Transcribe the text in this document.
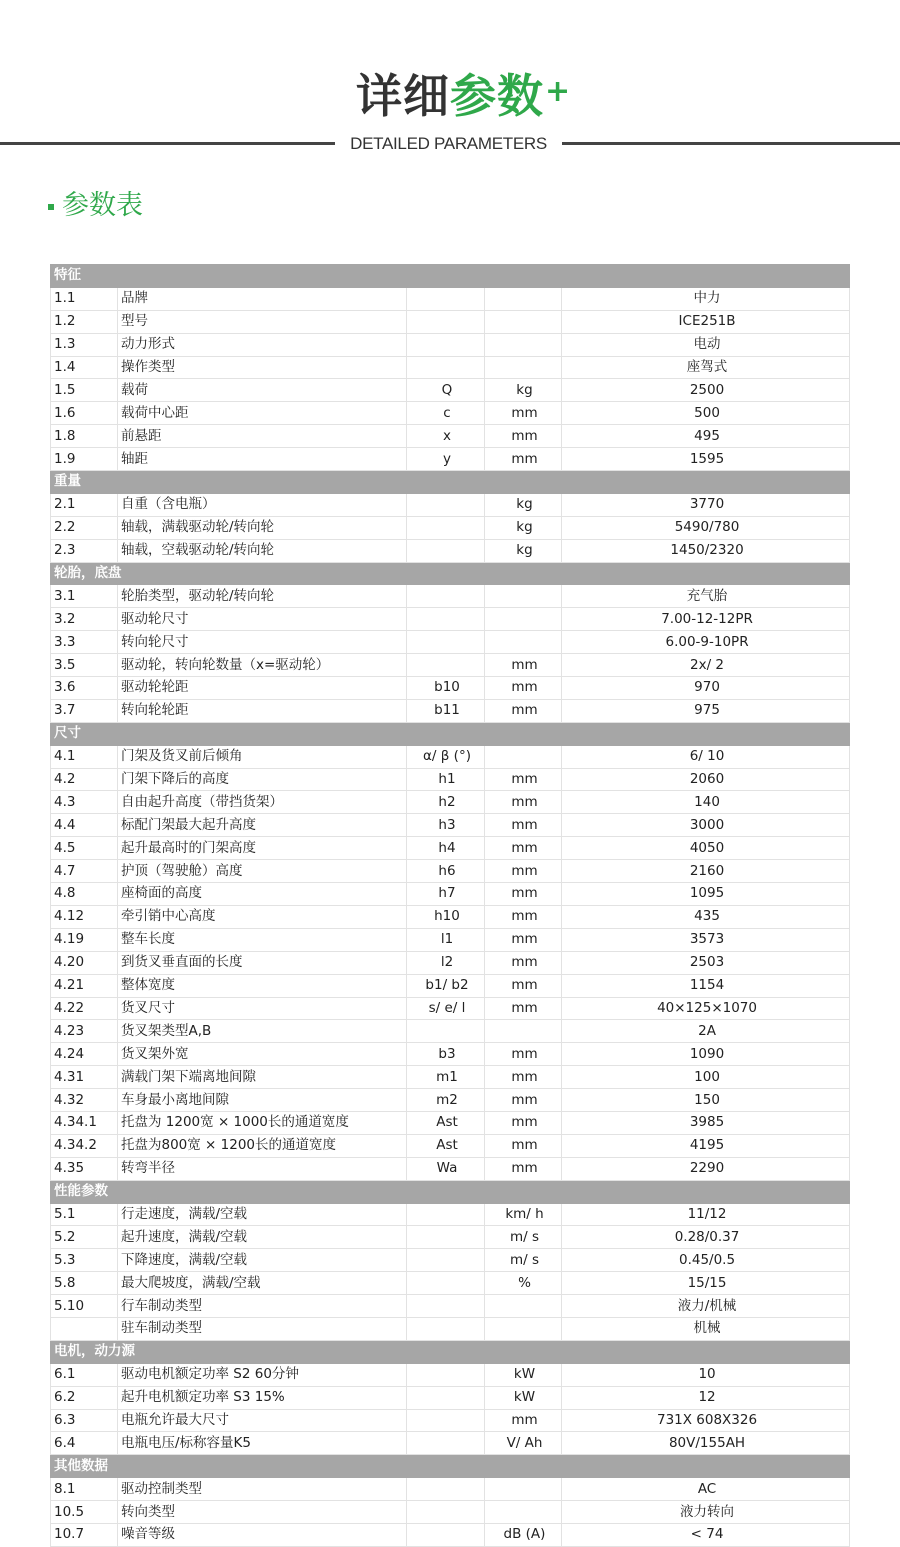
详细参数 +
DETAILED PARAMETERS
参数表
特征				
1.1	品牌			中力
1.2	型号			ICE251B
1.3	动力形式			电动
1.4	操作类型			座驾式
1.5	载荷	Q	kg	2500
1.6	载荷中心距	c	mm	500
1.8	前悬距	x	mm	495
1.9	轴距	y	mm	1595
重量				
2.1	自重（含电瓶）		kg	3770
2.2	轴载，满载驱动轮/转向轮		kg	5490/780
2.3	轴载，空载驱动轮/转向轮		kg	1450/2320
轮胎，底盘				
3.1	轮胎类型，驱动轮/转向轮			充气胎
3.2	驱动轮尺寸			7.00-12-12PR
3.3	转向轮尺寸			6.00-9-10PR
3.5	驱动轮，转向轮数量（x=驱动轮）		mm	2x/ 2
3.6	驱动轮轮距	b10	mm	970
3.7	转向轮轮距	b11	mm	975
尺寸				
4.1	门架及货叉前后倾角	α/ β (°)		6/ 10
4.2	门架下降后的高度	h1	mm	2060
4.3	自由起升高度（带挡货架）	h2	mm	140
4.4	标配门架最大起升高度	h3	mm	3000
4.5	起升最高时的门架高度	h4	mm	4050
4.7	护顶（驾驶舱）高度	h6	mm	2160
4.8	座椅面的高度	h7	mm	1095
4.12	牵引销中心高度	h10	mm	435
4.19	整车长度	l1	mm	3573
4.20	到货叉垂直面的长度	l2	mm	2503
4.21	整体宽度	b1/ b2	mm	1154
4.22	货叉尺寸	s/ e/ l	mm	40×125×1070
4.23	货叉架类型A,B			2A
4.24	货叉架外宽	b3	mm	1090
4.31	满载门架下端离地间隙	m1	mm	100
4.32	车身最小离地间隙	m2	mm	150
4.34.1	托盘为 1200宽 × 1000长的通道宽度	Ast	mm	3985
4.34.2	托盘为800宽 × 1200长的通道宽度	Ast	mm	4195
4.35	转弯半径	Wa	mm	2290
性能参数				
5.1	行走速度，满载/空载		km/ h	11/12
5.2	起升速度，满载/空载		m/ s	0.28/0.37
5.3	下降速度，满载/空载		m/ s	0.45/0.5
5.8	最大爬坡度，满载/空载		%	15/15
5.10	行车制动类型			液力/机械
	驻车制动类型			机械
电机，动力源				
6.1	驱动电机额定功率 S2 60分钟		kW	10
6.2	起升电机额定功率 S3 15%		kW	12
6.3	电瓶允许最大尺寸		mm	731X 608X326
6.4	电瓶电压/标称容量K5		V/ Ah	80V/155AH
其他数据				
8.1	驱动控制类型			AC
10.5	转向类型			液力转向
10.7	噪音等级		dB (A)	< 74
